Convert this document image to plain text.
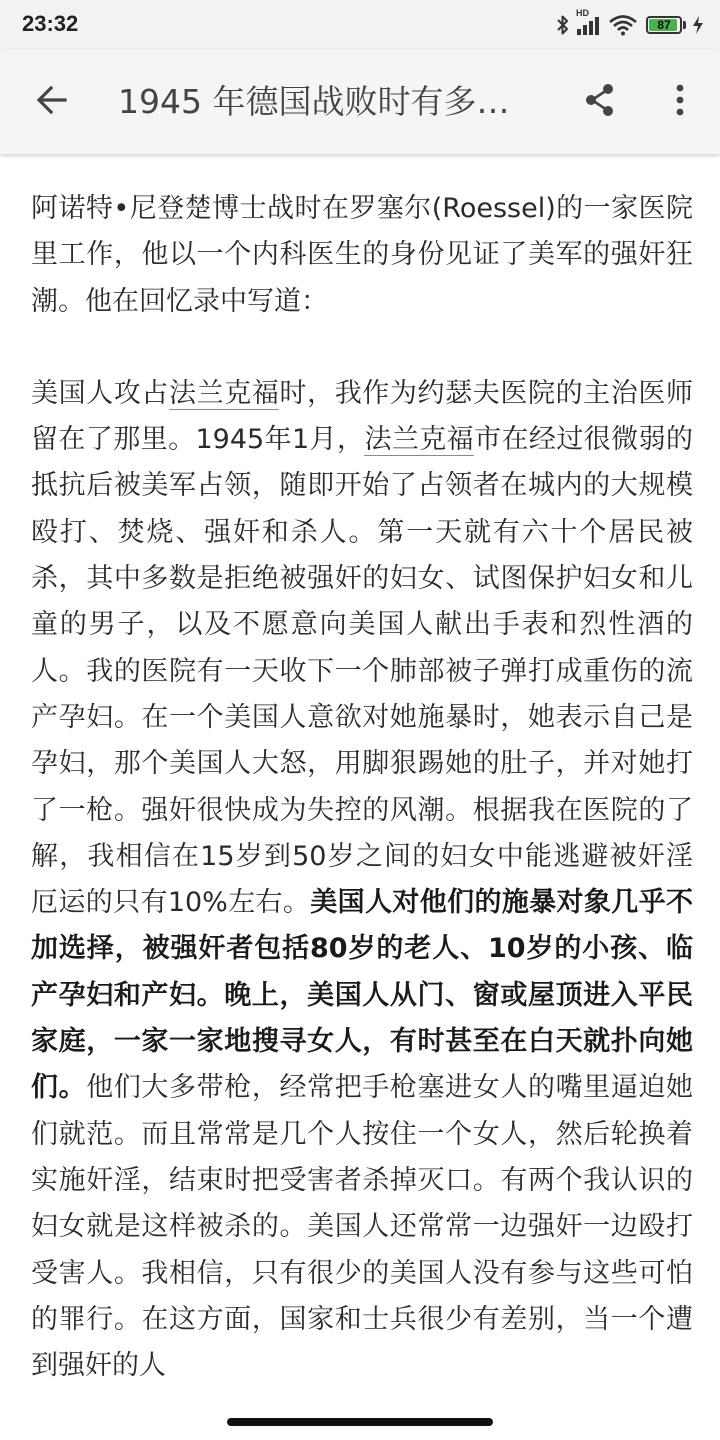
23:32	HD
87
1945 年德国战败时有多…

阿诺特•尼登楚博士战时在罗塞尔(Roessel)的一家医院里工作，他以一个内科医生的身份见证了美军的强奸狂潮。他在回忆录中写道：

美国人攻占法兰克福时，我作为约瑟夫医院的主治医师留在了那里。1945年1月，法兰克福市在经过很微弱的抵抗后被美军占领，随即开始了占领者在城内的大规模殴打、焚烧、强奸和杀人。第一天就有六十个居民被杀，其中多数是拒绝被强奸的妇女、试图保护妇女和儿童的男子，以及不愿意向美国人献出手表和烈性酒的人。我的医院有一天收下一个肺部被子弹打成重伤的流产孕妇。在一个美国人意欲对她施暴时，她表示自己是孕妇，那个美国人大怒，用脚狠踢她的肚子，并对她打了一枪。强奸很快成为失控的风潮。根据我在医院的了解，我相信在15岁到50岁之间的妇女中能逃避被奸淫厄运的只有10%左右。美国人对他们的施暴对象几乎不加选择，被强奸者包括80岁的老人、10岁的小孩、临产孕妇和产妇。晚上，美国人从门、窗或屋顶进入平民家庭，一家一家地搜寻女人，有时甚至在白天就扑向她们。他们大多带枪，经常把手枪塞进女人的嘴里逼迫她们就范。而且常常是几个人按住一个女人，然后轮换着实施奸淫，结束时把受害者杀掉灭口。有两个我认识的妇女就是这样被杀的。美国人还常常一边强奸一边殴打受害人。我相信，只有很少的美国人没有参与这些可怕的罪行。在这方面，国家和士兵很少有差别，当一个遭到强奸的人
